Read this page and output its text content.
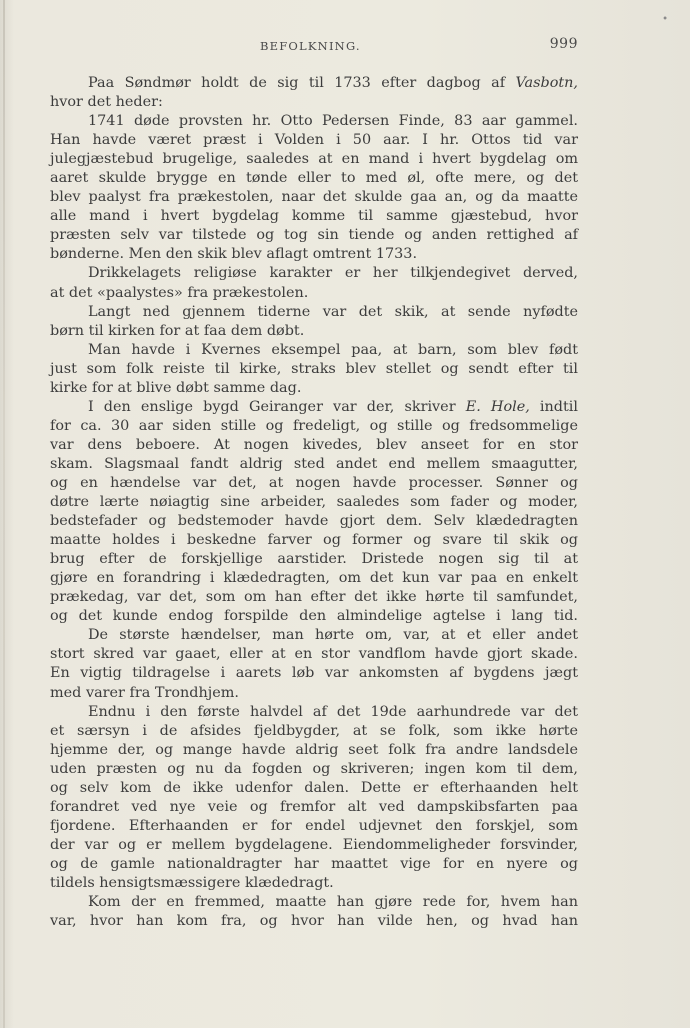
BEFOLKNING.	999
•
Paa Søndmør holdt de sig til 1733 efter dagbog af Vasbotn,
hvor det heder:
1741 døde provsten hr. Otto Pedersen Finde, 83 aar gammel.
Han havde været præst i Volden i 50 aar. I hr. Ottos tid var
julegjæstebud brugelige, saaledes at en mand i hvert bygdelag om
aaret skulde brygge en tønde eller to med øl, ofte mere, og det
blev paalyst fra prækestolen, naar det skulde gaa an, og da maatte
alle mand i hvert bygdelag komme til samme gjæstebud, hvor
præsten selv var tilstede og tog sin tiende og anden rettighed af
bønderne. Men den skik blev aflagt omtrent 1733.
Drikkelagets religiøse karakter er her tilkjendegivet derved,
at det «paalystes» fra prækestolen.
Langt ned gjennem tiderne var det skik, at sende nyfødte
børn til kirken for at faa dem døbt.
Man havde i Kvernes eksempel paa, at barn, som blev født
just som folk reiste til kirke, straks blev stellet og sendt efter til
kirke for at blive døbt samme dag.
I den enslige bygd Geiranger var der, skriver E. Hole, indtil
for ca. 30 aar siden stille og fredeligt, og stille og fredsommelige
var dens beboere. At nogen kivedes, blev anseet for en stor
skam. Slagsmaal fandt aldrig sted andet end mellem smaagutter,
og en hændelse var det, at nogen havde processer. Sønner og
døtre lærte nøiagtig sine arbeider, saaledes som fader og moder,
bedstefader og bedstemoder havde gjort dem. Selv klædedragten
maatte holdes i beskedne farver og former og svare til skik og
brug efter de forskjellige aarstider. Dristede nogen sig til at
gjøre en forandring i klædedragten, om det kun var paa en enkelt
prækedag, var det, som om han efter det ikke hørte til samfundet,
og det kunde endog forspilde den almindelige agtelse i lang tid.
De største hændelser, man hørte om, var, at et eller andet
stort skred var gaaet, eller at en stor vandflom havde gjort skade.
En vigtig tildragelse i aarets løb var ankomsten af bygdens jægt
med varer fra Trondhjem.
Endnu i den første halvdel af det 19de aarhundrede var det
et særsyn i de afsides fjeldbygder, at se folk, som ikke hørte
hjemme der, og mange havde aldrig seet folk fra andre landsdele
uden præsten og nu da fogden og skriveren; ingen kom til dem,
og selv kom de ikke udenfor dalen. Dette er efterhaanden helt
forandret ved nye veie og fremfor alt ved dampskibsfarten paa
fjordene. Efterhaanden er for endel udjevnet den forskjel, som
der var og er mellem bygdelagene. Eiendommeligheder forsvinder,
og de gamle nationaldragter har maattet vige for en nyere og
tildels hensigtsmæssigere klædedragt.
Kom der en fremmed, maatte han gjøre rede for, hvem han
var, hvor han kom fra, og hvor han vilde hen, og hvad han
